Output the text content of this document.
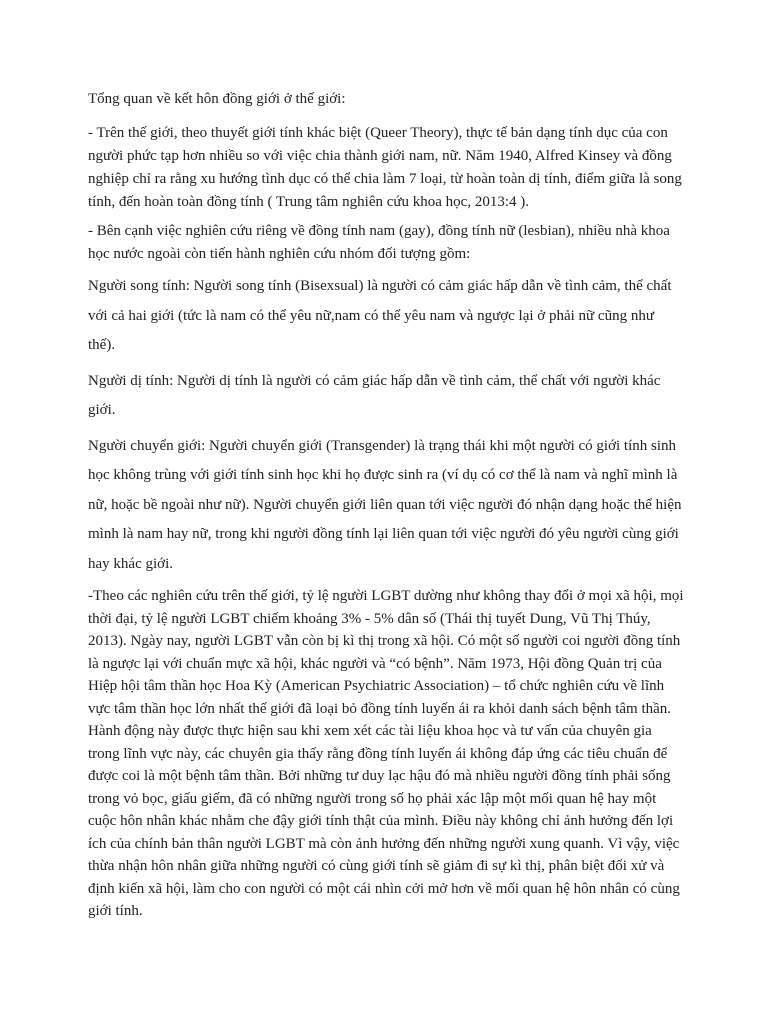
Tổng quan về kết hôn đồng giới ở thế giới:

- Trên thế giới, theo thuyết giới tính khác biệt (Queer Theory), thực tế bản dạng tính dục của con người phức tạp hơn nhiều so với việc chia thành giới nam, nữ. Năm 1940, Alfred Kinsey và đồng nghiệp chỉ ra rằng xu hướng tình dục có thể chia làm 7 loại, từ hoàn toàn dị tính, điểm giữa là song tính, đến hoàn toàn đồng tính ( Trung tâm nghiên cứu khoa học, 2013:4 ).

- Bên cạnh việc nghiên cứu riêng về đồng tính nam (gay), đồng tính nữ (lesbian), nhiều nhà khoa học nước ngoài còn tiến hành nghiên cứu nhóm đối tượng gồm:

Người song tính: Người song tính (Bisexsual) là người có cảm giác hấp dẫn về tình cảm, thể chất với cả hai giới (tức là nam có thể yêu nữ,nam có thể yêu nam và ngược lại ở phải nữ cũng như thế).

Người dị tính: Người dị tính là người có cảm giác hấp dẫn về tình cảm, thể chất với người khác giới.

Người chuyển giới: Người chuyển giới (Transgender) là trạng thái khi một người có giới tính sinh học không trùng với giới tính sinh học khi họ được sinh ra (ví dụ có cơ thể là nam và nghĩ mình là nữ, hoặc bề ngoài như nữ). Người chuyển giới liên quan tới việc người đó nhận dạng hoặc thể hiện mình là nam hay nữ, trong khi người đồng tính lại liên quan tới việc người đó yêu người cùng giới hay khác giới.

-Theo các nghiên cứu trên thế giới, tỷ lệ người LGBT dường như không thay đổi ở mọi xã hội, mọi thời đại, tỷ lệ người LGBT chiếm khoảng 3% - 5% dân số (Thái thị tuyết Dung, Vũ Thị Thúy, 2013). Ngày nay, người LGBT vẫn còn bị kì thị trong xã hội. Có một số người coi người đồng tính là ngược lại với chuẩn mực xã hội, khác người và “có bệnh”. Năm 1973, Hội đồng Quản trị của Hiệp hội tâm thần học Hoa Kỳ (American Psychiatric Association) – tổ chức nghiên cứu về lĩnh vực tâm thần học lớn nhất thế giới đã loại bỏ đồng tính luyến ái ra khỏi danh sách bệnh tâm thần. Hành động này được thực hiện sau khi xem xét các tài liệu khoa học và tư vấn của chuyên gia trong lĩnh vực này, các chuyên gia thấy rằng đồng tính luyến ái không đáp ứng các tiêu chuẩn để được coi là một bệnh tâm thần. Bởi những tư duy lạc hậu đó mà nhiều người đồng tính phải sống trong vỏ bọc, giấu giếm, đã có những người trong số họ phải xác lập một mối quan hệ hay một cuộc hôn nhân khác nhằm che đậy giới tính thật của mình. Điều này không chỉ ảnh hưởng đến lợi ích của chính bản thân người LGBT mà còn ảnh hưởng đến những người xung quanh. Vì vậy, việc thừa nhận hôn nhân giữa những người có cùng giới tính sẽ giảm đi sự kì thị, phân biệt đối xử và định kiến xã hội, làm cho con người có một cái nhìn cởi mở hơn về mối quan hệ hôn nhân có cùng giới tính.
